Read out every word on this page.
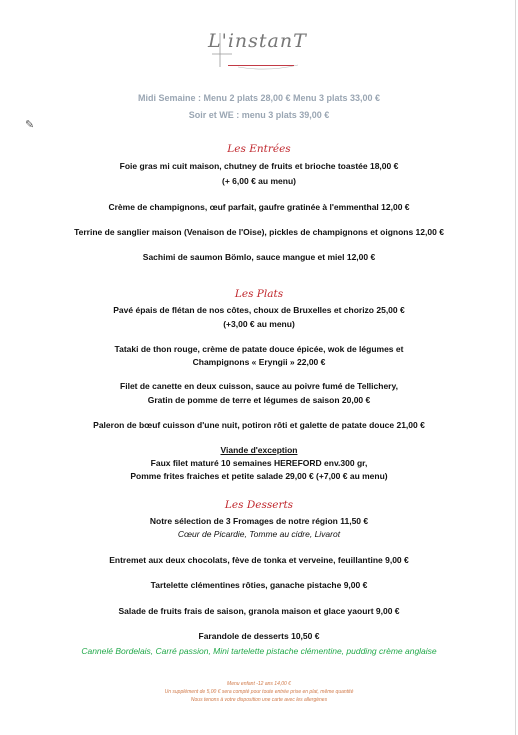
L'instanT
✎
Midi Semaine : Menu 2 plats 28,00 € Menu 3 plats 33,00 €
Soir et WE : menu 3 plats 39,00 €
Les Entrées
Foie gras mi cuit maison, chutney de fruits et brioche toastée 18,00 €
(+ 6,00 € au menu)
Crème de champignons, œuf parfait, gaufre gratinée à l'emmenthal 12,00 €
Terrine de sanglier maison (Venaison de l'Oise), pickles de champignons et oignons 12,00 €
Sachimi de saumon Bömlo, sauce mangue et miel 12,00 €
Les Plats
Pavé épais de flétan de nos côtes, choux de Bruxelles et chorizo 25,00 €
(+3,00 € au menu)
Tataki de thon rouge, crème de patate douce épicée, wok de légumes et
Champignons « Eryngii » 22,00 €
Filet de canette en deux cuisson, sauce au poivre fumé de Tellichery,
Gratin de pomme de terre et légumes de saison 20,00 €
Paleron de bœuf cuisson d'une nuit, potiron rôti et galette de patate douce 21,00 €
Viande d'exception
Faux filet maturé 10 semaines HEREFORD env.300 gr,
Pomme frites fraiches et petite salade 29,00 € (+7,00 € au menu)
Les Desserts
Notre sélection de 3 Fromages de notre région 11,50 €
Cœur de Picardie, Tomme au cidre, Livarot
Entremet aux deux chocolats, fève de tonka et verveine, feuillantine 9,00 €
Tartelette clémentines rôties, ganache pistache 9,00 €
Salade de fruits frais de saison, granola maison et glace yaourt 9,00 €
Farandole de desserts 10,50 €
Cannelé Bordelais, Carré passion, Mini tartelette pistache clémentine, pudding crème anglaise
Menu enfant -12 ans 14,00 €
Un supplément de 5,00 € sera compté pour toute entrée prise en plat, même quantité
Nous tenons à votre disposition une carte avec les allergènes
